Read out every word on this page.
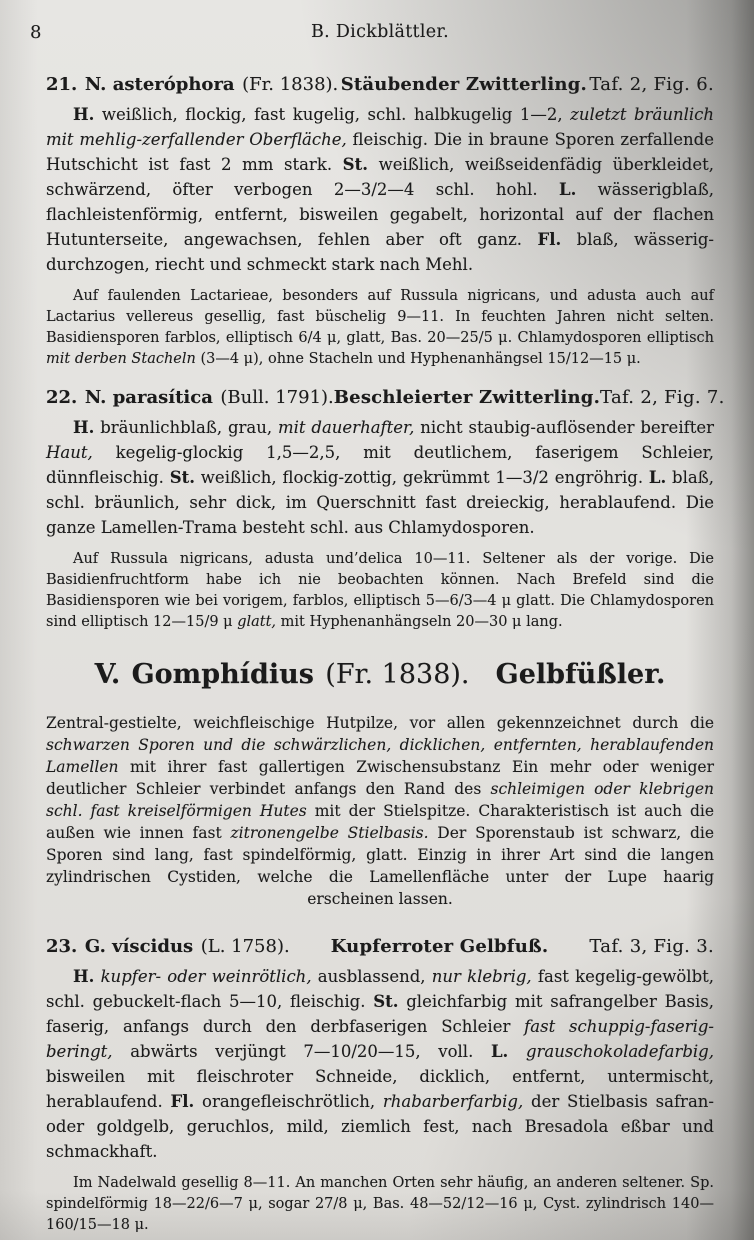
8	B. Dickblättler.
21. N. asteróphora (Fr. 1838). Stäubender Zwitterling. Taf. 2, Fig. 6.

H. weißlich, flockig, fast kugelig, schl. halbkugelig 1—2, zuletzt bräunlich mit mehlig-zerfallender Oberfläche, fleischig. Die in braune Sporen zerfallende Hutschicht ist fast 2 mm stark. St. weißlich, weißseidenfädig überkleidet, schwärzend, öfter verbogen 2—3/2—4 schl. hohl. L. wässerigblaß, flachleistenförmig, entfernt, bisweilen gegabelt, horizontal auf der flachen Hutunterseite, angewachsen, fehlen aber oft ganz. Fl. blaß, wässerig-durchzogen, riecht und schmeckt stark nach Mehl.

Auf faulenden Lactarieae, besonders auf Russula nigricans, und adusta auch auf Lactarius vellereus gesellig, fast büschelig 9—11. In feuchten Jahren nicht selten. Basidiensporen farblos, elliptisch 6/4 μ, glatt, Bas. 20—25/5 μ. Chlamydosporen elliptisch mit derben Stacheln (3—4 μ), ohne Stacheln und Hyphenanhängsel 15/12—15 μ.

22. N. parasítica (Bull. 1791). Beschleierter Zwitterling. Taf. 2, Fig. 7.

H. bräunlichblaß, grau, mit dauerhafter, nicht staubig-auflösender bereifter Haut, kegelig-glockig 1,5—2,5, mit deutlichem, faserigem Schleier, dünnfleischig. St. weißlich, flockig-zottig, gekrümmt 1—3/2 engröhrig. L. blaß, schl. bräunlich, sehr dick, im Querschnitt fast dreieckig, herablaufend. Die ganze Lamellen-Trama besteht schl. aus Chlamydosporen.

Auf Russula nigricans, adusta und’delica 10—11. Seltener als der vorige. Die Basidienfruchtform habe ich nie beobachten können. Nach Brefeld sind die Basidiensporen wie bei vorigem, farblos, elliptisch 5—6/3—4 μ glatt. Die Chlamydosporen sind elliptisch 12—15/9 μ glatt, mit Hyphenanhängseln 20—30 μ lang.

V. Gomphídius (Fr. 1838). Gelbfüßler.

Zentral-gestielte, weichfleischige Hutpilze, vor allen gekennzeichnet durch die schwarzen Sporen und die schwärzlichen, dicklichen, entfernten, herablaufenden Lamellen mit ihrer fast gallertigen Zwischensubstanz Ein mehr oder weniger deutlicher Schleier verbindet anfangs den Rand des schleimigen oder klebrigen schl. fast kreiselförmigen Hutes mit der Stielspitze. Charakteristisch ist auch die außen wie innen fast zitronengelbe Stielbasis. Der Sporenstaub ist schwarz, die Sporen sind lang, fast spindelförmig, glatt. Einzig in ihrer Art sind die langen zylindrischen Cystiden, welche die Lamellenfläche unter der Lupe haarig erscheinen lassen.

23. G. víscidus (L. 1758). Kupferroter Gelbfuß. Taf. 3, Fig. 3.

H. kupfer- oder weinrötlich, ausblassend, nur klebrig, fast kegelig-gewölbt, schl. gebuckelt-flach 5—10, fleischig. St. gleichfarbig mit safrangelber Basis, faserig, anfangs durch den derbfaserigen Schleier fast schuppig-faserig-beringt, abwärts verjüngt 7—10/20—15, voll. L. grauschokoladefarbig, bisweilen mit fleischroter Schneide, dicklich, entfernt, untermischt, herablaufend. Fl. orangefleischrötlich, rhabarberfarbig, der Stielbasis safran- oder goldgelb, geruchlos, mild, ziemlich fest, nach Bresadola eßbar und schmackhaft.

Im Nadelwald gesellig 8—11. An manchen Orten sehr häufig, an anderen seltener. Sp. spindelförmig 18—22/6—7 μ, sogar 27/8 μ, Bas. 48—52/12—16 μ, Cyst. zylindrisch 140—160/15—18 μ.
